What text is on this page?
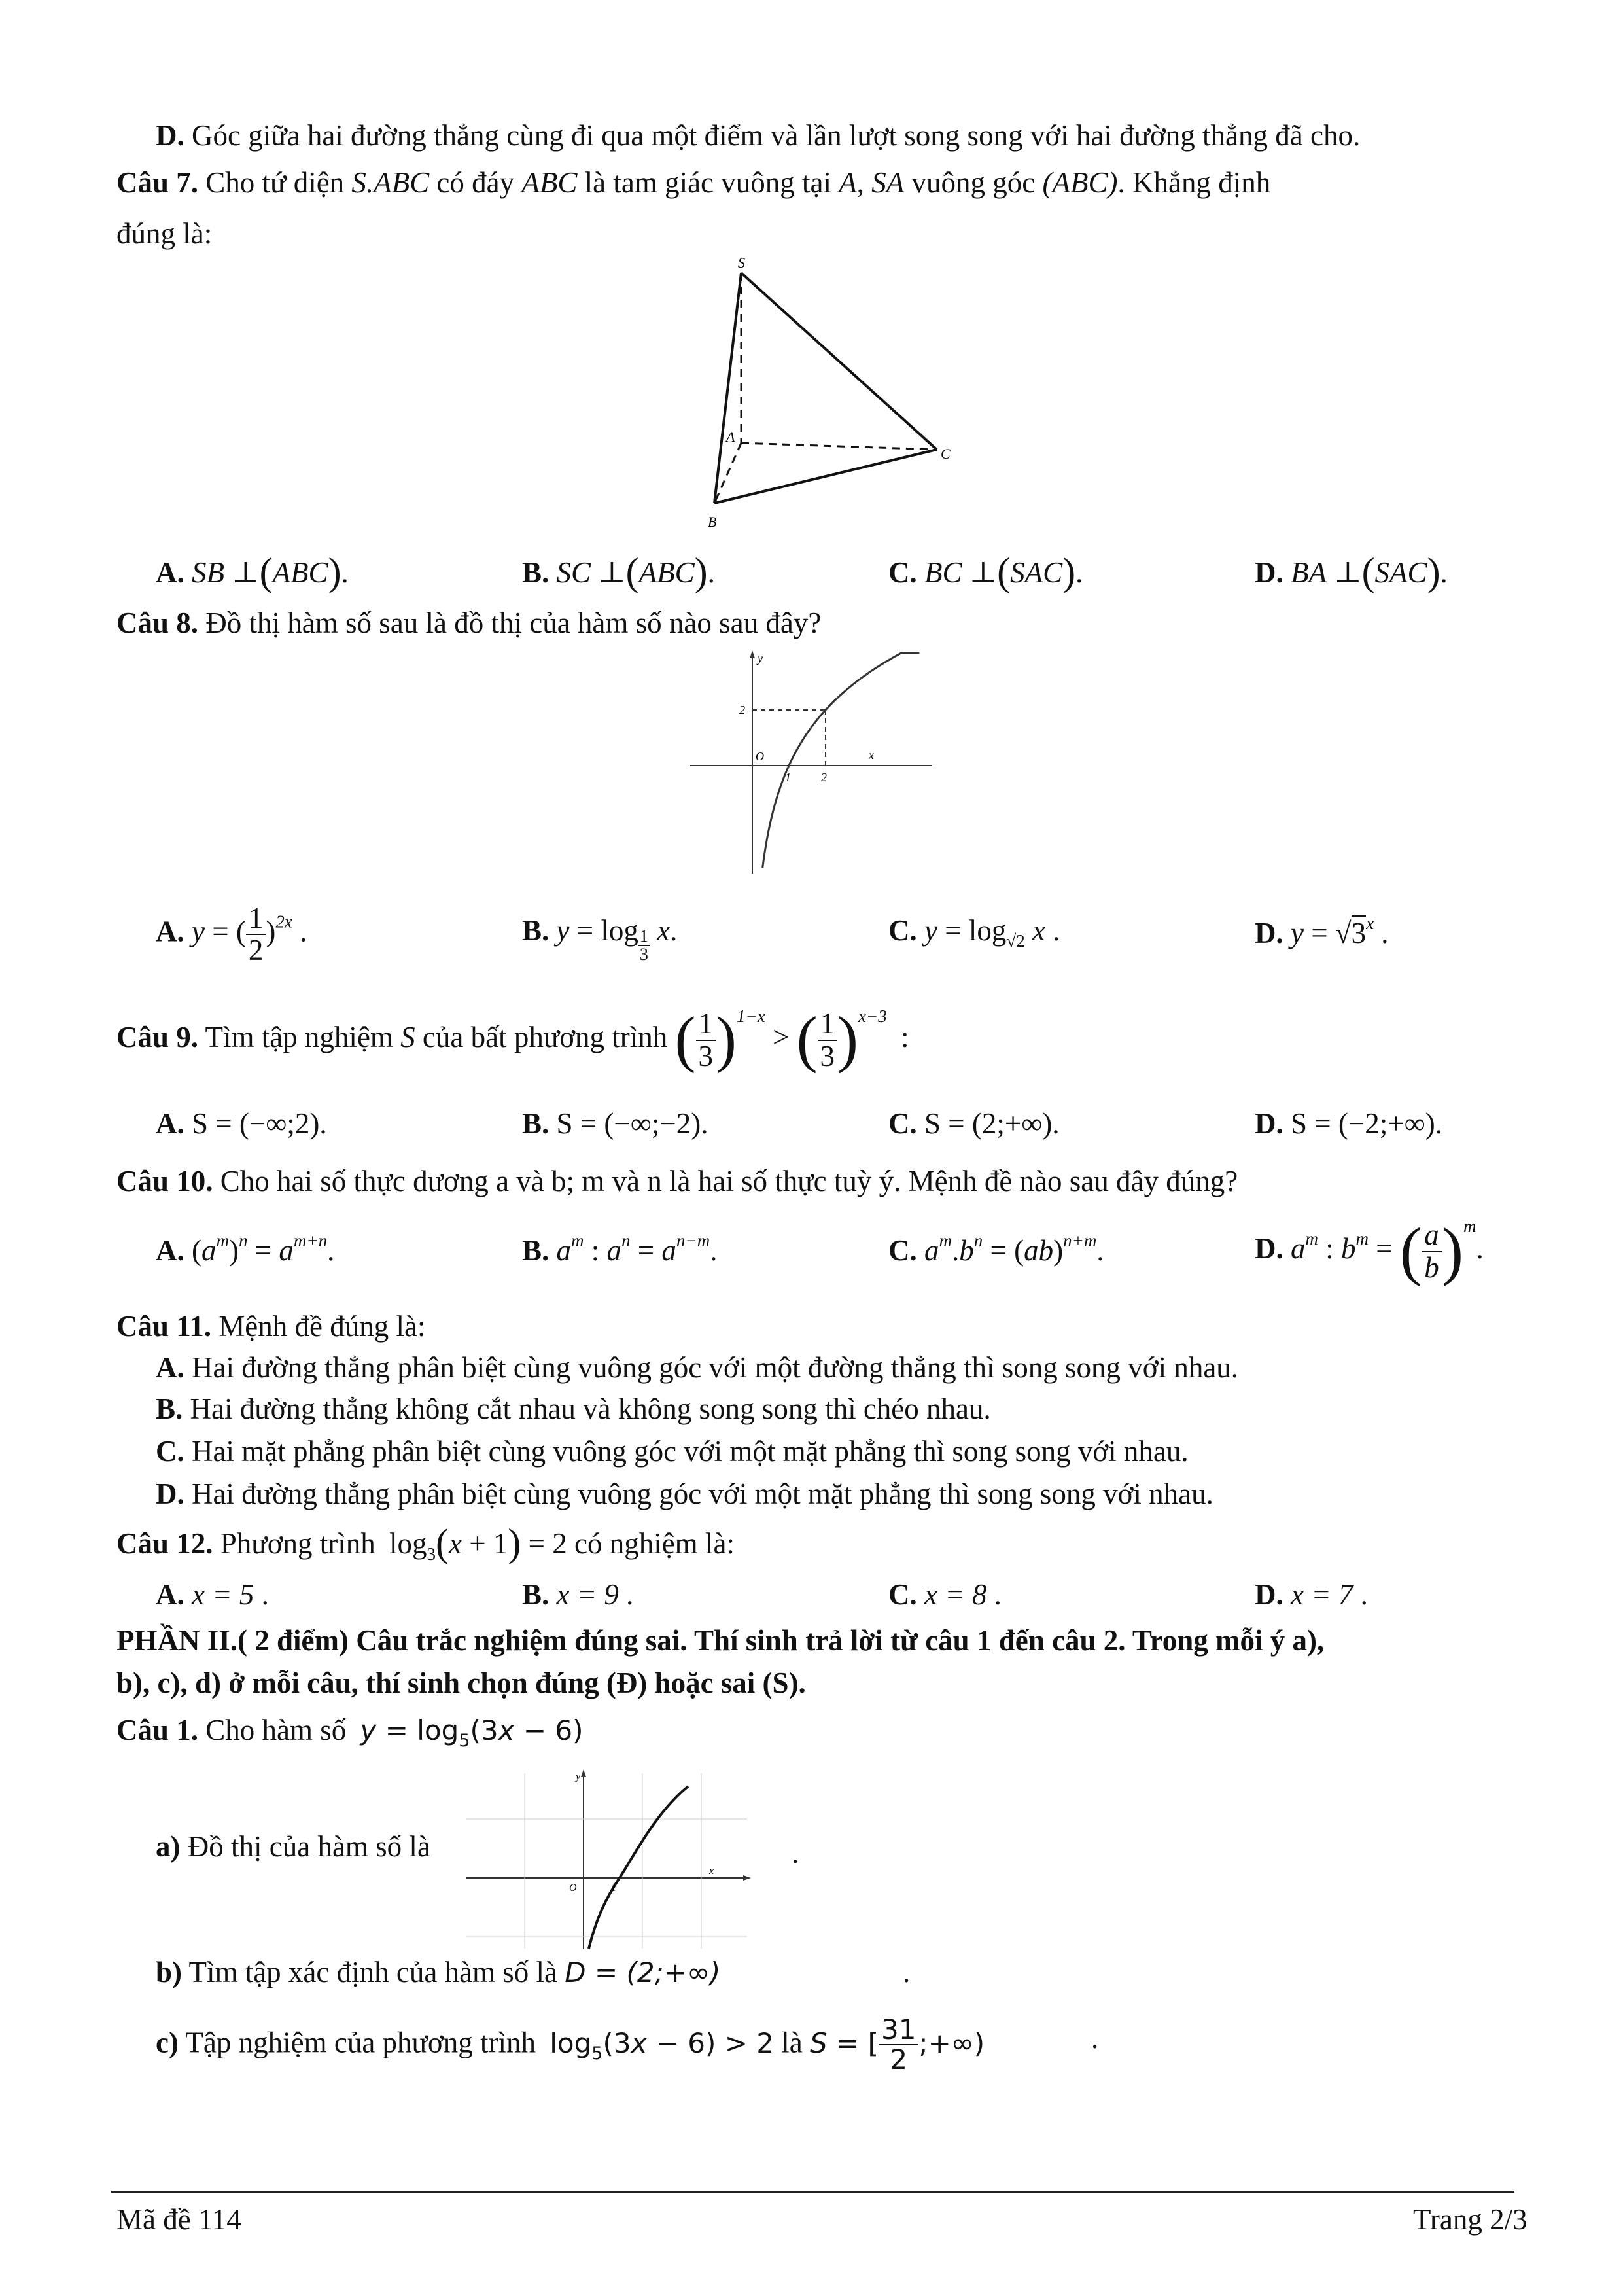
D. Góc giữa hai đường thẳng cùng đi qua một điểm và lần lượt song song với hai đường thẳng đã cho.
Câu 7. Cho tứ diện S.ABC có đáy ABC là tam giác vuông tại A, SA vuông góc (ABC). Khẳng định
đúng là:
S
A
C
B
A. SB ⊥(ABC).	B. SC ⊥(ABC).	C. BC ⊥(SAC).	D. BA ⊥(SAC).
Câu 8. Đồ thị hàm số sau là đồ thị của hàm số nào sau đây?
y
x
O
1	2
2
A. y = ( $\frac{1}{2} )^{2x}$ .	B. $y = \log \frac{1}{3} x$.	C. $y = \log_{√2} x$ .	D. $y = √3^x$ .
Câu 9. Tìm tập nghiệm S của bất phương trình ( $\frac{1}{3} )^{1-x}$ > ( $\frac{1}{3} )^{x-3}$ :
A. S = (−∞;2).	B. S = (−∞;−2).	C. S = (2;+∞).	D. S = (−2;+∞).
Câu 10. Cho hai số thực dương a và b; m và n là hai số thực tuỳ ý. Mệnh đề nào sau đây đúng?
A. $(a^m)^n = a^{m+n}$.	B. $a^m$ : $a^n = a^{n-m}$.	C. $a^m.b^n = (ab)^{n+m}$.	D. $a^m$ : $b^m$ = ( $\frac{a}{b} )^m$.
Câu 11. Mệnh đề đúng là:
A. Hai đường thẳng phân biệt cùng vuông góc với một đường thẳng thì song song với nhau.
B. Hai đường thẳng không cắt nhau và không song song thì chéo nhau.
C. Hai mặt phẳng phân biệt cùng vuông góc với một mặt phẳng thì song song với nhau.
D. Hai đường thẳng phân biệt cùng vuông góc với một mặt phẳng thì song song với nhau.
Câu 12. Phương trình $\log_3(x + 1) = 2$ có nghiệm là:
A. x = 5 .	B. x = 9 .	C. x = 8 .	D. x = 7 .
PHẦN II.( 2 điểm) Câu trắc nghiệm đúng sai. Thí sinh trả lời từ câu 1 đến câu 2. Trong mỗi ý a),
b), c), d) ở mỗi câu, thí sinh chọn đúng (Đ) hoặc sai (S).
Câu 1. Cho hàm số $y = \log_5(3x - 6)$
a) Đồ thị của hàm số là
y
x
O	1
.
b) Tìm tập xác định của hàm số là D = (2;+∞)	.
c) Tập nghiệm của phương trình $\log_5(3x - 6) > 2$ là S = [ $\frac{31}{2}$ ;+∞)	.
Mã đề 114	Trang 2/3
